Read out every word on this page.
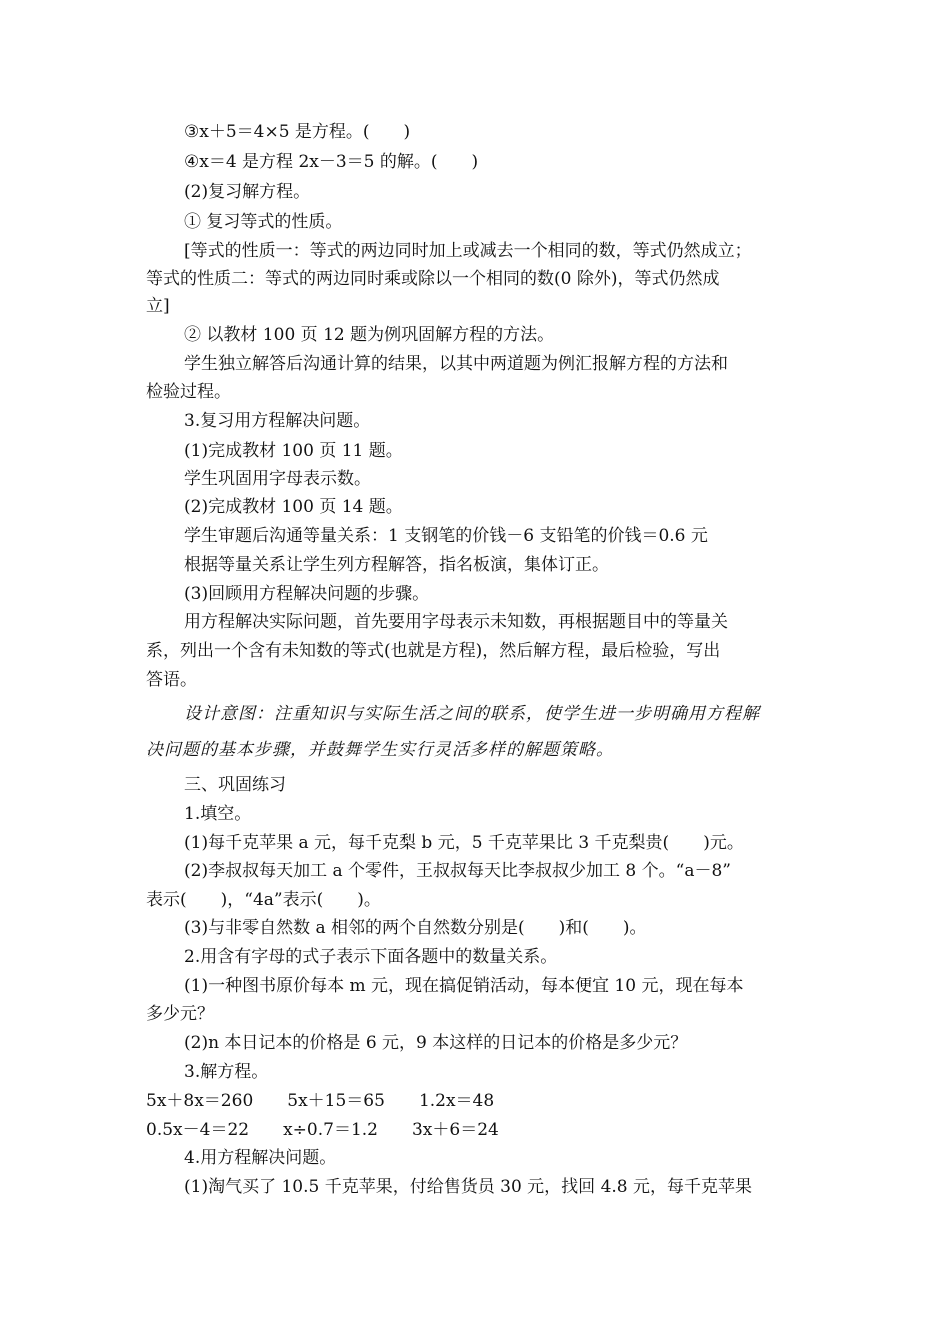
③x＋5＝4×5 是方程。(　　)
④x＝4 是方程 2x－3＝5 的解。(　　)
(2)复习解方程。
① 复习等式的性质。
[等式的性质一：等式的两边同时加上或减去一个相同的数，等式仍然成立；
等式的性质二：等式的两边同时乘或除以一个相同的数(0 除外)，等式仍然成
立]
② 以教材 100 页 12 题为例巩固解方程的方法。
学生独立解答后沟通计算的结果，以其中两道题为例汇报解方程的方法和
检验过程。
3.复习用方程解决问题。
(1)完成教材 100 页 11 题。
学生巩固用字母表示数。
(2)完成教材 100 页 14 题。
学生审题后沟通等量关系：1 支钢笔的价钱－6 支铅笔的价钱＝0.6 元
根据等量关系让学生列方程解答，指名板演，集体订正。
(3)回顾用方程解决问题的步骤。
用方程解决实际问题，首先要用字母表示未知数，再根据题目中的等量关
系，列出一个含有未知数的等式(也就是方程)，然后解方程，最后检验，写出
答语。
设计意图：注重知识与实际生活之间的联系，使学生进一步明确用方程解
决问题的基本步骤，并鼓舞学生实行灵活多样的解题策略。
三、巩固练习
1.填空。
(1)每千克苹果 a 元，每千克梨 b 元，5 千克苹果比 3 千克梨贵(　　)元。
(2)李叔叔每天加工 a 个零件，王叔叔每天比李叔叔少加工 8 个。“a－8”
表示(　　)，“4a”表示(　　)。
(3)与非零自然数 a 相邻的两个自然数分别是(　　)和(　　)。
2.用含有字母的式子表示下面各题中的数量关系。
(1)一种图书原价每本 m 元，现在搞促销活动，每本便宜 10 元，现在每本
多少元？
(2)n 本日记本的价格是 6 元，9 本这样的日记本的价格是多少元？
3.解方程。
5x＋8x＝260 5x＋15＝65 1.2x＝48
0.5x－4＝22 x÷0.7＝1.2 3x＋6＝24
4.用方程解决问题。
(1)淘气买了 10.5 千克苹果，付给售货员 30 元，找回 4.8 元，每千克苹果
